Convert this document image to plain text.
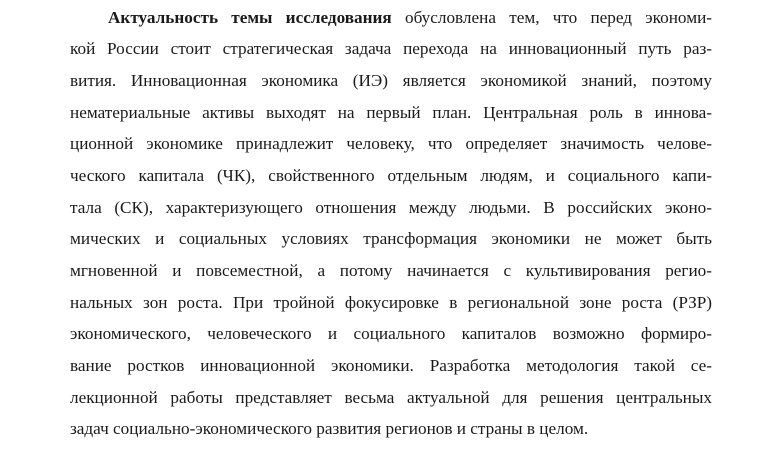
Актуальность темы исследования обусловлена тем, что перед экономи-
кой России стоит стратегическая задача перехода на инновационный путь раз-
вития. Инновационная экономика (ИЭ) является экономикой знаний, поэтому
нематериальные активы выходят на первый план. Центральная роль в иннова-
ционной экономике принадлежит человеку, что определяет значимость челове-
ческого капитала (ЧК), свойственного отдельным людям, и социального капи-
тала (СК), характеризующего отношения между людьми. В российских эконо-
мических и социальных условиях трансформация экономики не может быть
мгновенной и повсеместной, а потому начинается с культивирования регио-
нальных зон роста. При тройной фокусировке в региональной зоне роста (РЗР)
экономического, человеческого и социального капиталов возможно формиро-
вание ростков инновационной экономики. Разработка методология такой се-
лекционной работы представляет весьма актуальной для решения центральных
задач социально-экономического развития регионов и страны в целом.
